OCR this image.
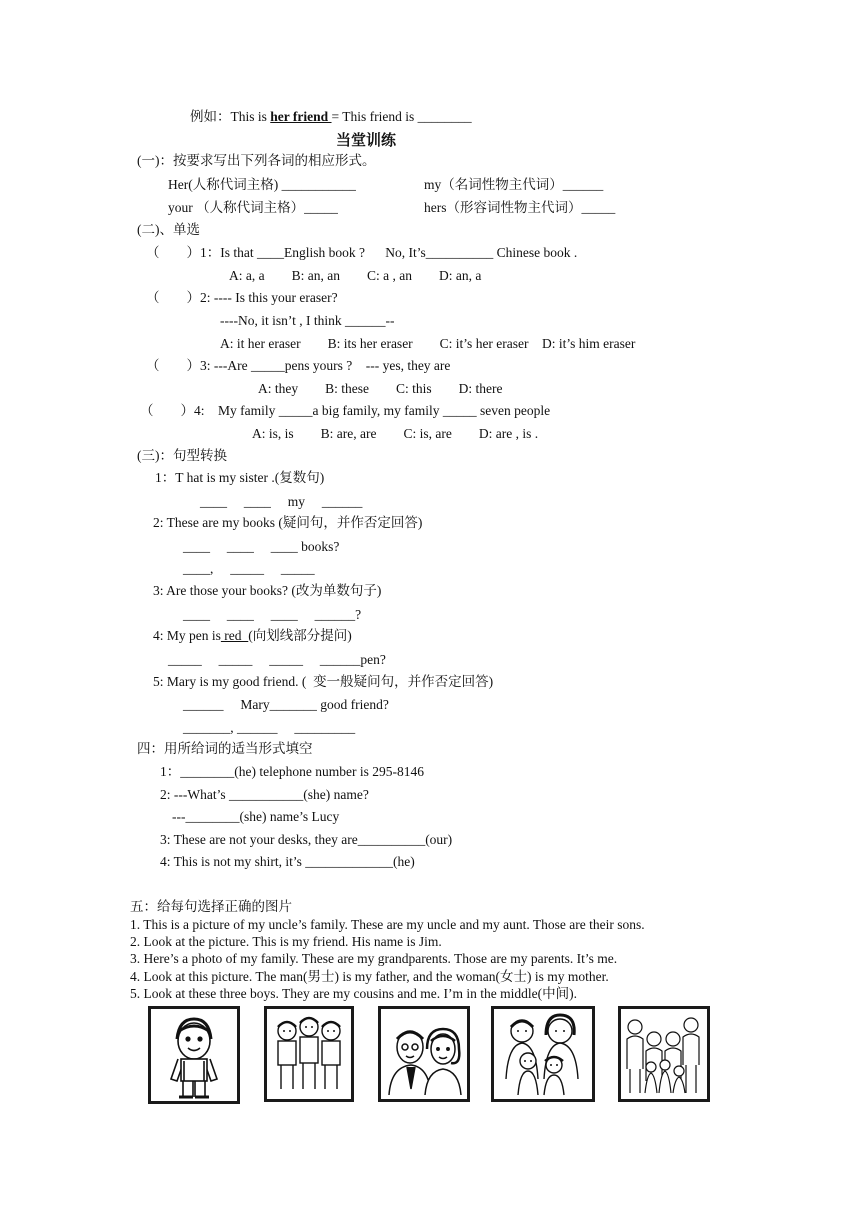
例如：This is her friend = This friend is ________
当堂训练
(一)：按要求写出下列各词的相应形式。
Her(人称代词主格) ___________	my（名词性物主代词）______
your （人称代词主格）_____	hers（形容词性物主代词）_____
(二)、单选
（　　）1：Is that ____English book ?　  No, It’s__________ Chinese book .
A: a, a　　B: an, an　　C: a , an　　D: an, a
（　　）2: ---- Is this your eraser?
----No, it isn’t , I think ______--
A: it her eraser　　B: its her eraser　　C: it’s her eraser　D: it’s him eraser
（　　）3: ---Are _____pens yours ?　--- yes, they are
A: they　　B: these　　C: this　　D: there
（　　）4:　My family _____a big family, my family _____ seven people
A: is, is　　B: are, are　　C: is, are　　D: are , is .
(三)：句型转换
1：T hat is my sister .(复数句)
____　 ____　 my　 ______
2: These are my books (疑问句，并作否定回答)
____　 ____　 ____ books?
____,　 _____　 _____
3: Are those your books? (改为单数句子)
____　 ____　 ____　 ______?
4: My pen is red  (向划线部分提问)
_____　 _____　 _____　 ______pen?
5: Mary is my good friend. (  变一般疑问句，并作否定回答)
______　 Mary_______ good friend?
_______, ______　 _________
四：用所给词的适当形式填空
1：________(he) telephone number is 295-8146
2: ---What’s ___________(she) name?
---________(she) name’s Lucy
3: These are not your desks, they are__________(our)
4: This is not my shirt, it’s _____________(he)
五：给每句选择正确的图片
1. This is a picture of my uncle’s family. These are my uncle and my aunt. Those are their sons.
2. Look at the picture. This is my friend. His name is Jim.
3. Here’s a photo of my family. These are my grandparents. Those are my parents. It’s me.
4. Look at this picture. The man(男士) is my father, and the woman(女士) is my mother.
5. Look at these three boys. They are my cousins and me. I’m in the middle(中间).
